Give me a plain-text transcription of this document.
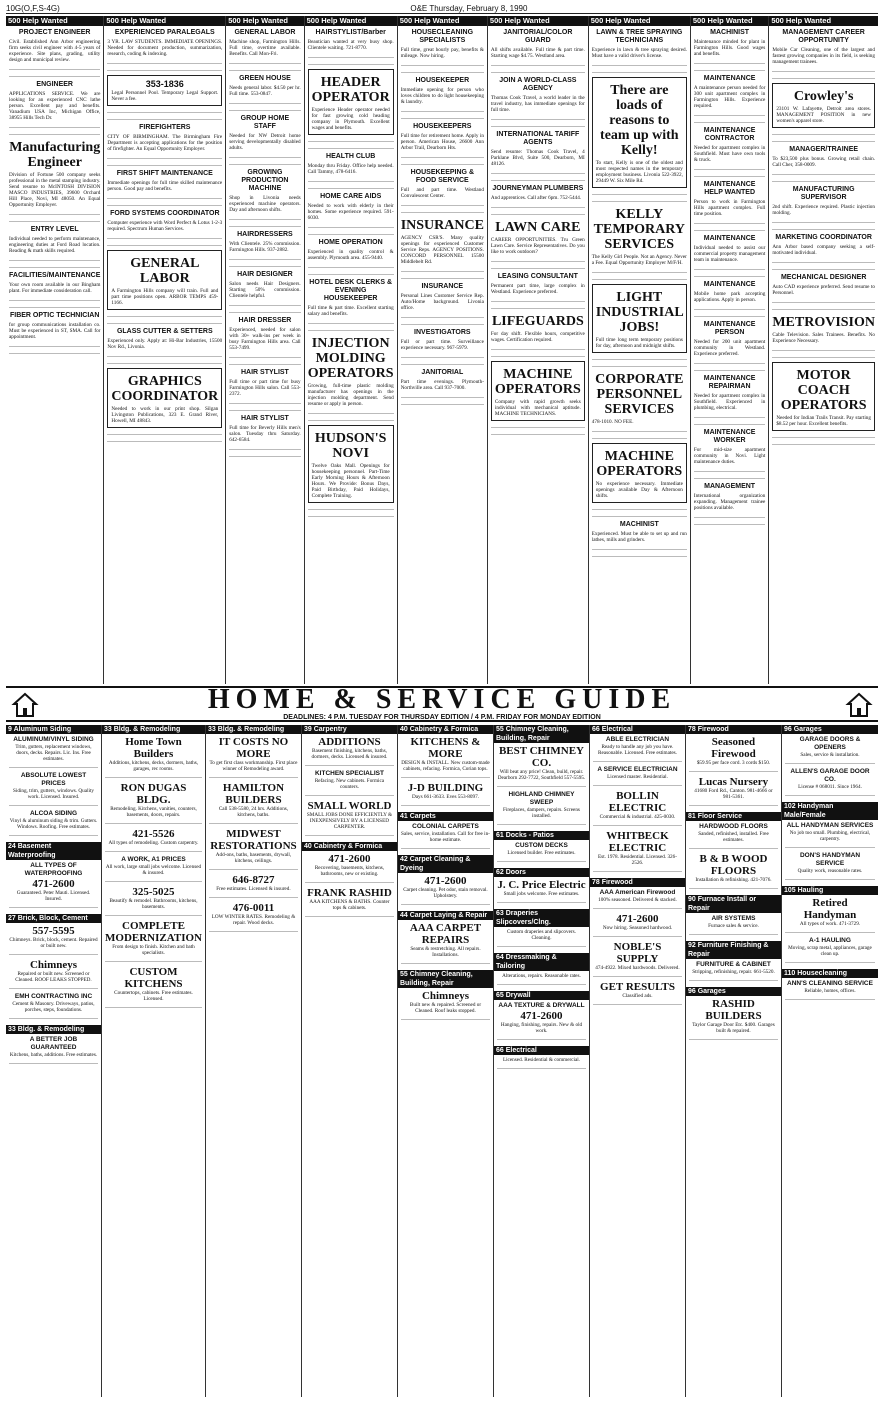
10G(O,F,S-4G)	O&E Thursday, February 8, 1990
500 Help Wanted
PROJECT ENGINEER

Civil. Established Ann Arbor engineering firm seeks civil engineer with 4-5 years of experience. Site plans, grading, utility design and municipal review.

ENGINEER

APPLICATIONS SERVICE. We are looking for an experienced CNC lathe person. Excellent pay and benefits. Vanadium USA Inc, Michigan Office, 38955 Hills Tech Dr.

Manufacturing Engineer

Division of Fortune 500 company seeks professional in the metal stamping industry. Send resume to McINTOSH DIVISION MASCO INDUSTRIES, 39600 Orchard Hill Place, Novi, MI 48050. An Equal Opportunity Employer.

ENTRY LEVEL

Individual needed to perform maintenance, engineering duties at Ford Road location. Reading & math skills required.

FACILITIES/MAINTENANCE

Your own room available in our Bingham plant. For immediate consideration call.

FIBER OPTIC TECHNICIAN

for group communications installation co. Must be experienced in ST, SMA. Call for appointment.

500 Help Wanted
EXPERIENCED PARALEGALS

3 YR. LAW STUDENTS. IMMEDIATE OPENINGS. Needed for document production, summarization, research, coding & indexing.

353-1836

Legal Personnel Pool. Temporary Legal Support. Never a fee.

FIREFIGHTERS

CITY OF BIRMINGHAM. The Birmingham Fire Department is accepting applications for the position of firefighter. An Equal Opportunity Employer.

FIRST SHIFT MAINTENANCE

Immediate openings for full time skilled maintenance person. Good pay and benefits.

FORD SYSTEMS COORDINATOR

Computer experience with Word Perfect & Lotus 1-2-3 required. Spectrum Human Services.

GENERAL LABOR

A Farmington Hills company will train. Full and part time positions open. ARBOR TEMPS 459-1166.

GLASS CUTTER & SETTERS

Experienced only. Apply at: Hi-Bar Industries, 15500 Nov Rd., Livonia.

GRAPHICS COORDINATOR

Needed to work in our print shop. Silgan Livingston Publications, 323 E. Grand River, Howell, MI 48843.

500 Help Wanted
GENERAL LABOR

Machine shop, Farmington Hills. Full time, overtime available. Benefits. Call Mon-Fri.

GREEN HOUSE

Needs general labor. $4.50 per hr. Full time. 553-0847.

GROUP HOME STAFF

Needed for NW Detroit home serving developmentally disabled adults.

GROWING PRODUCTION MACHINE

Shop in Livonia needs experienced machine operators. Day and afternoon shifts.

HAIRDRESSERS

With Clientele. 25% commission. Farmington Hills. 937-2882.

HAIR DESIGNER

Salon needs Hair Designers. Starting 50% commission. Clientele helpful.

HAIR DRESSER

Experienced, needed for salon with 30+ walk-ins per week in busy Farmington Hills area. Call 553-7499.

HAIR STYLIST

Full time or part time for busy Farmington Hills salon. Call 553-2372.

HAIR STYLIST

Full time for Beverly Hills men's salon. Tuesday thru Saturday. 642-6584.

500 Help Wanted
HAIRSTYLIST/Barber

Beautician wanted at very busy shop. Clientele waiting. 721-8770.

HEADER OPERATOR

Experience Header operator needed for fast growing cold heading company in Plymouth. Excellent wages and benefits.

HEALTH CLUB

Monday thru Friday. Office help needed. Call Tammy, 478-6416.

HOME CARE AIDS

Needed to work with elderly in their homes. Some experience required. 591-6030.

HOME OPERATION

Experienced in quality control & assembly. Plymouth area. 455-9440.

HOTEL DESK CLERKS & EVENING HOUSEKEEPER

Full time & part time. Excellent starting salary and benefits.

INJECTION MOLDING OPERATORS

Growing, full-time plastic molding manufacturer has openings in the injection molding department. Send resume or apply in person.

HUDSON'S NOVI

Twelve Oaks Mall. Openings for housekeeping personnel. Part-Time Early Morning Hours & Afternoon Hours. We Provide: Bonus Days, Paid Birthday, Paid Holidays, Complete Training.

500 Help Wanted
HOUSECLEANING SPECIALISTS

Full time, great hourly pay, benefits & mileage. Now hiring.

HOUSEKEEPER

Immediate opening for person who loves children to do light housekeeping & laundry.

HOUSEKEEPERS

Full time for retirement home. Apply in person. American House, 26600 Ann Arbor Trail, Dearborn Hts.

HOUSEKEEPING & FOOD SERVICE

Full and part time. Westland Convalescent Center.

INSURANCE

AGENCY CSR'S. Many quality openings for experienced Customer Service Reps. AGENCY POSITIONS. CONCORD PERSONNEL 15500 Middlebelt Rd.

INSURANCE

Personal Lines Customer Service Rep. Auto/Home background. Livonia office.

INVESTIGATORS

Full or part time. Surveillance experience necessary. 967-5979.

JANITORIAL

Part time evenings. Plymouth-Northville area. Call 937-7000.

500 Help Wanted
JANITORIAL/COLOR GUARD

All shifts available. Full time & part time. Starting wage $4.75. Westland area.

JOIN A WORLD-CLASS AGENCY

Thomas Cook Travel, a world leader in the travel industry, has immediate openings for full time.

INTERNATIONAL TARIFF AGENTS

Send resume: Thomas Cook Travel, 4 Parklane Blvd, Suite 500, Dearborn, MI 48126.

JOURNEYMAN PLUMBERS

And apprentices. Call after 6pm. 752-5444.

LAWN CARE

CAREER OPPORTUNITIES. Tru Green Lawn Care. Service Representatives. Do you like to work outdoors?

LEASING CONSULTANT

Permanent part time, large complex in Westland. Experience preferred.

LIFEGUARDS

For day shift. Flexible hours, competitive wages. Certification required.

MACHINE OPERATORS

Company with rapid growth seeks individual with mechanical aptitude. MACHINE TECHNICIANS.

500 Help Wanted
LAWN & TREE SPRAYING TECHNICIANS

Experience in lawn & tree spraying desired. Must have a valid driver's license.

There are loads of reasons to team up with Kelly!

To start, Kelly is one of the oldest and most respected names in the temporary employment business. Livonia 522-3922, 29449 W. Six Mile Rd.

KELLY TEMPORARY SERVICES

The Kelly Girl People. Not an Agency. Never a Fee. Equal Opportunity Employer M/F/H.

LIGHT INDUSTRIAL JOBS!

Full time long term temporary positions for day, afternoon and midnight shifts.

CORPORATE PERSONNEL SERVICES

478-1010. NO FEE.

MACHINE OPERATORS

No experience necessary. Immediate openings available Day & Afternoon shifts.

MACHINIST

Experienced. Must be able to set up and run lathes, mills and grinders.

500 Help Wanted
MACHINIST

Maintenance minded for plant in Farmington Hills. Good wages and benefits.

MAINTENANCE

A maintenance person needed for 300 unit apartment complex in Farmington Hills. Experience required.

MAINTENANCE CONTRACTOR

Needed for apartment complex in Southfield. Must have own tools & truck.

MAINTENANCE HELP WANTED

Person to work in Farmington Hills apartment complex. Full time position.

MAINTENANCE

Individual needed to assist our commercial property management team in maintenance.

MAINTENANCE

Mobile home park accepting applications. Apply in person.

MAINTENANCE PERSON

Needed for 200 unit apartment community in Westland. Experience preferred.

MAINTENANCE REPAIRMAN

Needed for apartment complex in Southfield. Experienced in plumbing, electrical.

MAINTENANCE WORKER

For mid-size apartment community in Novi. Light maintenance duties.

MANAGEMENT

International organization expanding. Management trainee positions available.

500 Help Wanted
MANAGEMENT CAREER OPPORTUNITY

Mobile Car Cleaning, one of the largest and fastest growing companies in its field, is seeking management trainees.

Crowley's

23101 W. Lafayette, Detroit area stores. MANAGEMENT POSITION in new women's apparel store.

MANAGER/TRAINEE

To $23,500 plus bonus. Growing retail chain. Call Cher, 358-0009.

MANUFACTURING SUPERVISOR

2nd shift. Experience required. Plastic injection molding.

MARKETING COORDINATOR

Ann Arbor based company seeking a self-motivated individual.

MECHANICAL DESIGNER

Auto CAD experience preferred. Send resume to Personnel.

METROVISION

Cable Television. Sales Trainees. Benefits. No Experience Necessary.

MOTOR COACH OPERATORS

Needed for Indian Trails Transit. Pay starting $8.52 per hour. Excellent benefits.

HOME & SERVICE GUIDE
DEADLINES: 4 P.M. TUESDAY FOR THURSDAY EDITION / 4 P.M. FRIDAY FOR MONDAY EDITION
9 Aluminum Siding
ALUMINUM/VINYL SIDING

Trim, gutters, replacement windows, doors, decks. Repairs. Lic. Ins. Free estimates.

ABSOLUTE LOWEST PRICES

Siding, trim, gutters, windows. Quality work. Licensed. Insured.

ALCOA SIDING

Vinyl & aluminum siding & trim. Gutters. Windows. Roofing. Free estimates.

24 Basement Waterproofing
ALL TYPES OF WATERPROOFING
471-2600

Guaranteed. Peter Mauti. Licensed. Insured.

27 Brick, Block, Cement
557-5595

Chimneys. Brick, block, cement. Repaired or built new.

Chimneys

Repaired or built new. Screened or Cleaned. ROOF LEAKS STOPPED.

EMH CONTRACTING INC

Cement & Masonry. Driveways, patios, porches, steps, foundations.

33 Bldg. & Remodeling
A BETTER JOB GUARANTEED

Kitchens, baths, additions. Free estimates.

33 Bldg. & Remodeling
Home Town Builders

Additions, kitchens, decks, dormers, baths, garages, rec rooms.

RON DUGAS BLDG.

Remodeling. Kitchens, vanities, counters, basements, doors, repairs.

421-5526

All types of remodeling. Custom carpentry.

A WORK, A1 PRICES

All work, large small jobs welcome. Licensed & insured.

325-5025

Beautify & remodel. Bathrooms, kitchens, basements.

COMPLETE MODERNIZATION

From design to finish. Kitchen and bath specialists.

CUSTOM KITCHENS

Countertops, cabinets. Free estimates. Licensed.

33 Bldg. & Remodeling
IT COSTS NO MORE

To get first class workmanship. First place winner of Remodeling award.

HAMILTON BUILDERS

Call 538-5580, 24 hrs. Additions, kitchens, baths.

MIDWEST RESTORATIONS

Add-ons, baths, basements, drywall, kitchens, ceilings.

646-8727

Free estimates. Licensed & insured.

476-0011

LOW WINTER RATES. Remodeling & repair. Wood decks.

39 Carpentry
ADDITIONS

Basement finishing, kitchens, baths, dormers, decks. Licensed & insured.

KITCHEN SPECIALIST

Refacing. New cabinets. Formica counters.

SMALL WORLD

SMALL JOBS DONE EFFICIENTLY & INEXPENSIVELY BY A LICENSED CARPENTER.

40 Cabinetry & Formica
471-2600

Recovering, basements, kitchens, bathrooms, new or existing.

FRANK RASHID

AAA KITCHENS & BATHS. Counter tops & cabinets.

40 Cabinetry & Formica
KITCHENS & MORE

DESIGN & INSTALL. New custom-made cabinets, refacing. Formica, Corian tops.

J-D BUILDING

Days 661-3633. Eves 553-8097.

41 Carpets
COLONIAL CARPETS

Sales, service, installation. Call for free in-home estimate.

42 Carpet Cleaning & Dyeing
471-2600

Carpet cleaning. Pet odor, stain removal. Upholstery.

44 Carpet Laying & Repair
AAA CARPET REPAIRS

Seams & restretching. All repairs. Installations.

55 Chimney Cleaning, Building, Repair
Chimneys

Built new & repaired. Screened or Cleaned. Roof leaks stopped.

55 Chimney Cleaning, Building, Repair
BEST CHIMNEY CO.

Will beat any price! Clean, build, repair. Dearborn 292-7722, Southfield 557-5595.

HIGHLAND CHIMNEY SWEEP

Fireplaces, dampers, repairs. Screens installed.

61 Docks - Patios
CUSTOM DECKS

Licensed builder. Free estimates.

62 Doors
J. C. Price Electric

Small jobs welcome. Free estimates.

63 Draperies Slipcovers/Clng.

Custom draperies and slipcovers. Cleaning.

64 Dressmaking & Tailoring

Alterations, repairs. Reasonable rates.

65 Drywall
AAA TEXTURE & DRYWALL
471-2600

Hanging, finishing, repairs. New & old work.

66 Electrical

Licensed. Residential & commercial.

66 Electrical
ABLE ELECTRICIAN

Ready to handle any job you have. Reasonable. Licensed. Free estimates.

A SERVICE ELECTRICIAN

Licensed master. Residential.

BOLLIN ELECTRIC

Commercial & industrial. 425-0030.

WHITBECK ELECTRIC

Est. 1978. Residential. Licensed. 326-2526.

78 Firewood
AAA American Firewood

100% seasoned. Delivered & stacked.

471-2600

Now hiring. Seasoned hardwood.

NOBLE'S SUPPLY

474-4922. Mixed hardwoods. Delivered.

GET RESULTS

Classified ads.

78 Firewood
Seasoned Firewood

$59.95 per face cord. 3 cords $150.

Lucas Nursery

41680 Ford Rd., Canton. 981-4666 or 981-5361.

81 Floor Service
HARDWOOD FLOORS

Sanded, refinished, installed. Free estimates.

B & B WOOD FLOORS

Installation & refinishing. 421-7076.

90 Furnace Install or Repair
AIR SYSTEMS

Furnace sales & service.

92 Furniture Finishing & Repair
FURNITURE & CABINET

Stripping, refinishing, repair. 661-5520.

96 Garages
RASHID BUILDERS

Taylor Garage Door Etc. $400. Garages built & repaired.

96 Garages
GARAGE DOORS & OPENERS

Sales, service & installation.

ALLEN'S GARAGE DOOR CO.

License # 068011. Since 1964.

102 Handyman Male/Female
ALL HANDYMAN SERVICES

No job too small. Plumbing, electrical, carpentry.

DON'S HANDYMAN SERVICE

Quality work, reasonable rates.

105 Hauling
Retired Handyman

All types of work. 471-3729.

A-1 HAULING

Moving, scrap metal, appliances, garage clean up.

110 Housecleaning
ANN'S CLEANING SERVICE

Reliable, homes, offices.
